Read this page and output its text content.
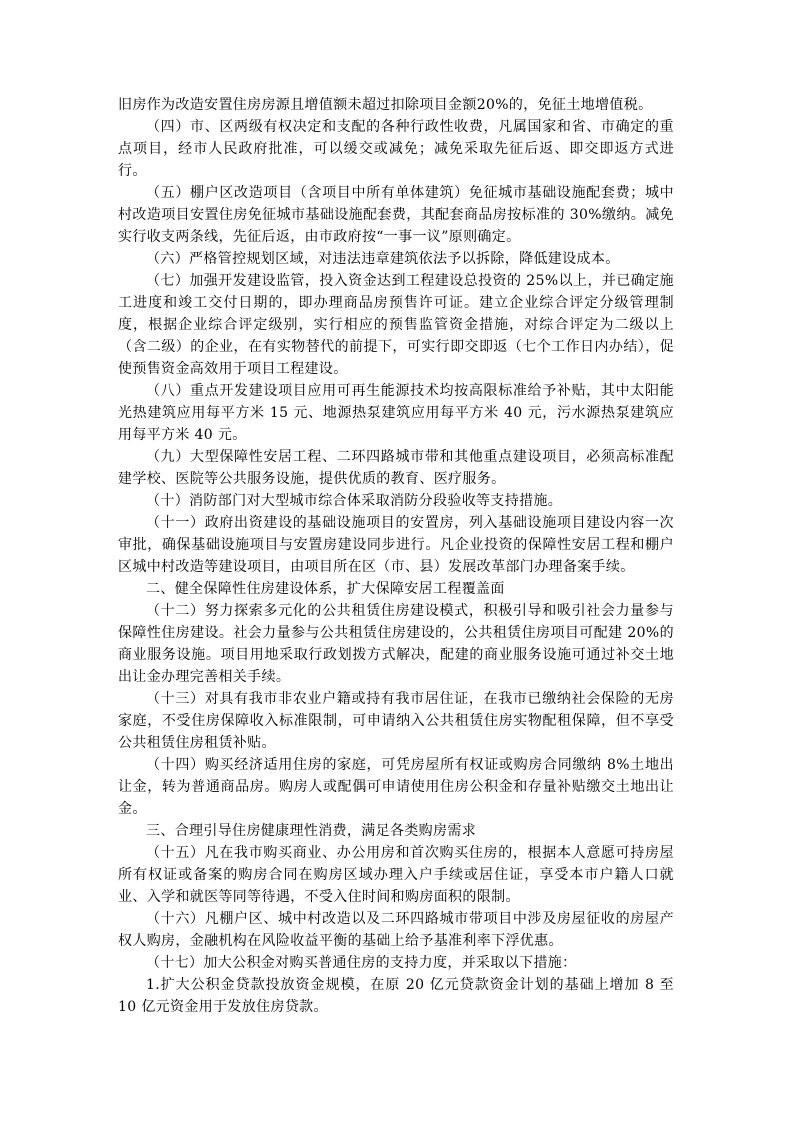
旧房作为改造安置住房房源且增值额未超过扣除项目金额20%的，免征土地增值税。

（四）市、区两级有权决定和支配的各种行政性收费，凡属国家和省、市确定的重点项目，经市人民政府批准，可以缓交或减免；减免采取先征后返、即交即返方式进行。

（五）棚户区改造项目（含项目中所有单体建筑）免征城市基础设施配套费；城中村改造项目安置住房免征城市基础设施配套费，其配套商品房按标准的 30%缴纳。减免实行收支两条线，先征后返，由市政府按“一事一议”原则确定。

（六）严格管控规划区域，对违法违章建筑依法予以拆除，降低建设成本。

（七）加强开发建设监管，投入资金达到工程建设总投资的 25%以上，并已确定施工进度和竣工交付日期的，即办理商品房预售许可证。建立企业综合评定分级管理制度，根据企业综合评定级别，实行相应的预售监管资金措施，对综合评定为二级以上（含二级）的企业，在有实物替代的前提下，可实行即交即返（七个工作日内办结），促使预售资金高效用于项目工程建设。

（八）重点开发建设项目应用可再生能源技术均按高限标准给予补贴，其中太阳能光热建筑应用每平方米 15 元、地源热泵建筑应用每平方米 40 元，污水源热泵建筑应用每平方米 40 元。

（九）大型保障性安居工程、二环四路城市带和其他重点建设项目，必须高标准配建学校、医院等公共服务设施，提供优质的教育、医疗服务。

（十）消防部门对大型城市综合体采取消防分段验收等支持措施。

（十一）政府出资建设的基础设施项目的安置房，列入基础设施项目建设内容一次审批，确保基础设施项目与安置房建设同步进行。凡企业投资的保障性安居工程和棚户区城中村改造等建设项目，由项目所在区（市、县）发展改革部门办理备案手续。

二、健全保障性住房建设体系，扩大保障安居工程覆盖面

（十二）努力探索多元化的公共租赁住房建设模式，积极引导和吸引社会力量参与保障性住房建设。社会力量参与公共租赁住房建设的，公共租赁住房项目可配建 20%的商业服务设施。项目用地采取行政划拨方式解决，配建的商业服务设施可通过补交土地出让金办理完善相关手续。

（十三）对具有我市非农业户籍或持有我市居住证，在我市已缴纳社会保险的无房家庭，不受住房保障收入标准限制，可申请纳入公共租赁住房实物配租保障，但不享受公共租赁住房租赁补贴。

（十四）购买经济适用住房的家庭，可凭房屋所有权证或购房合同缴纳 8%土地出让金，转为普通商品房。购房人或配偶可申请使用住房公积金和存量补贴缴交土地出让金。

三、合理引导住房健康理性消费，满足各类购房需求

（十五）凡在我市购买商业、办公用房和首次购买住房的，根据本人意愿可持房屋所有权证或备案的购房合同在购房区域办理入户手续或居住证，享受本市户籍人口就业、入学和就医等同等待遇，不受入住时间和购房面积的限制。

（十六）凡棚户区、城中村改造以及二环四路城市带项目中涉及房屋征收的房屋产权人购房，金融机构在风险收益平衡的基础上给予基准利率下浮优惠。

（十七）加大公积金对购买普通住房的支持力度，并采取以下措施：

1.扩大公积金贷款投放资金规模，在原 20 亿元贷款资金计划的基础上增加 8 至 10 亿元资金用于发放住房贷款。
